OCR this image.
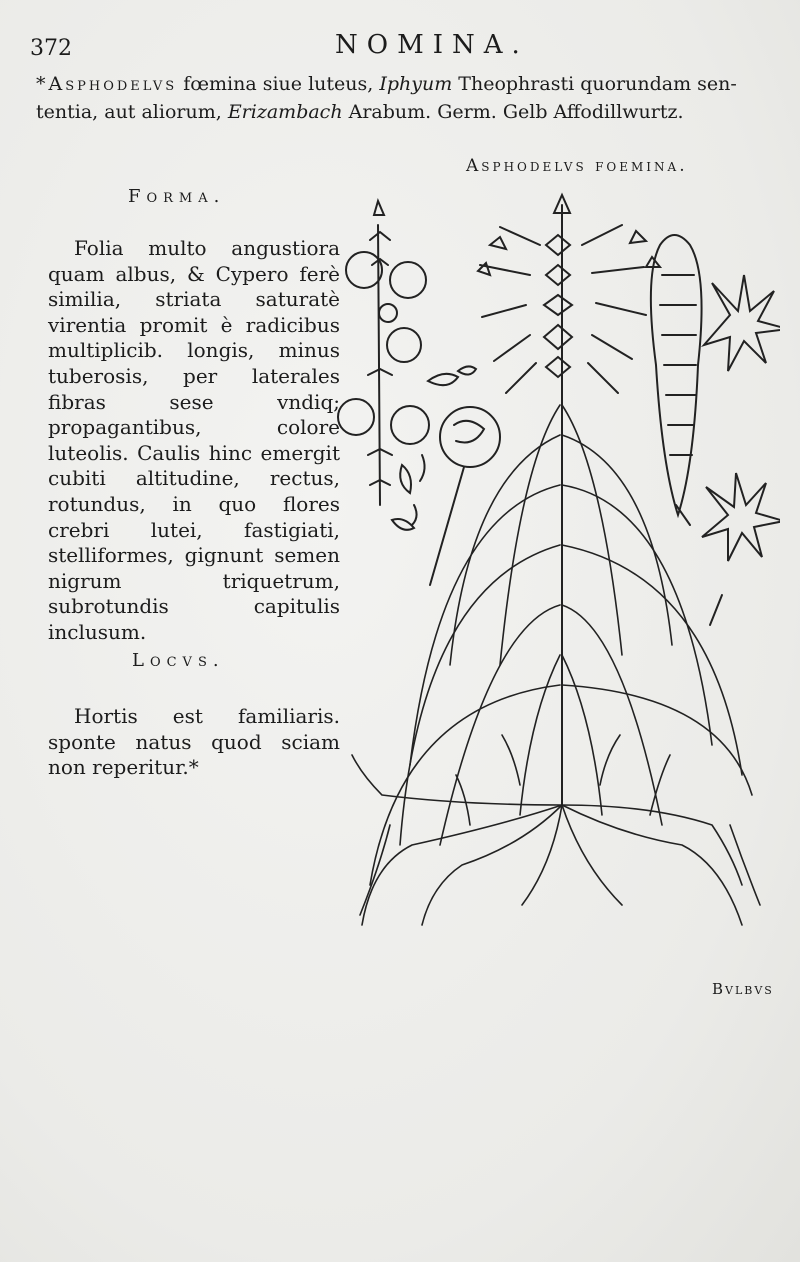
372	NOMINA.
*Asphodelvs fœmina siue luteus, Iphyum Theophrasti quorundam sen-
tentia, aut aliorum, Erizambach Arabum. Germ. Gelb Affodillwurtz.
Asphodelvs foemina.
Forma.
Folia multo angustiora quam albus, & Cypero ferè similia, striata saturatè virentia promit è radicibus multiplicib. longis, minus tuberosis, per laterales fibras sese vndiq; propagantibus, colore luteolis. Caulis hinc emergit cubiti altitudine, rectus, rotundus, in quo flores crebri lutei, fastigiati, stelliformes, gignunt semen nigrum triquetrum, subrotundis capitulis inclusum.
Locvs.
Hortis est familiaris. sponte natus quod sciam non reperitur.*
Bvlbvs
